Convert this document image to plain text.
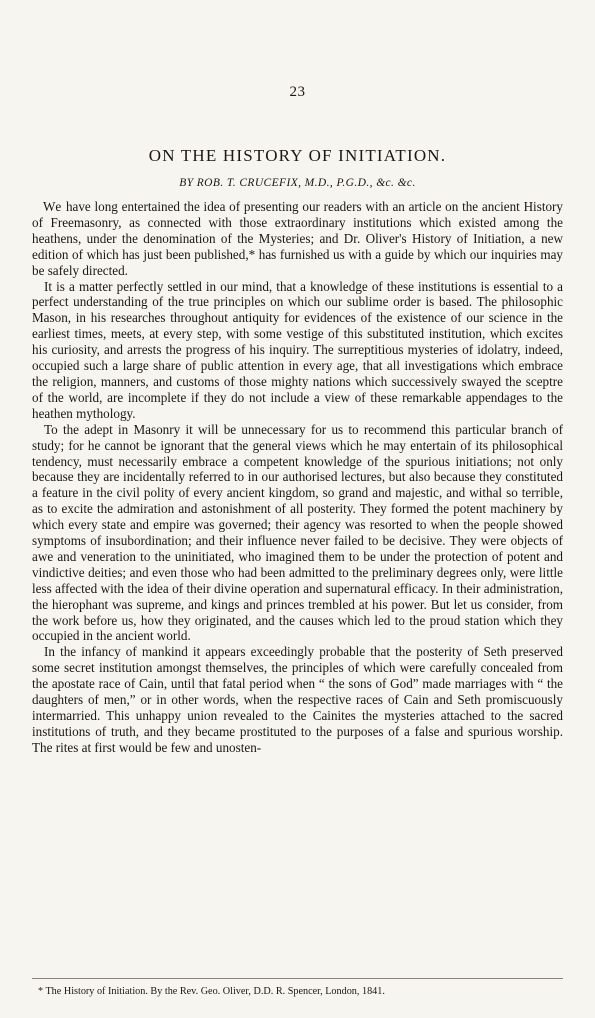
23
ON THE HISTORY OF INITIATION.
BY ROB. T. CRUCEFIX, M.D., P.G.D., &c. &c.

We have long entertained the idea of presenting our readers with an article on the ancient History of Freemasonry, as connected with those extraordinary institutions which existed among the heathens, under the denomination of the Mysteries; and Dr. Oliver's History of Initiation, a new edition of which has just been published,* has furnished us with a guide by which our inquiries may be safely directed.

It is a matter perfectly settled in our mind, that a knowledge of these institutions is essential to a perfect understanding of the true principles on which our sublime order is based. The philosophic Mason, in his researches throughout antiquity for evidences of the existence of our science in the earliest times, meets, at every step, with some vestige of this substituted institution, which excites his curiosity, and arrests the progress of his inquiry. The surreptitious mysteries of idolatry, indeed, occupied such a large share of public attention in every age, that all investigations which embrace the religion, manners, and customs of those mighty nations which successively swayed the sceptre of the world, are incomplete if they do not include a view of these remarkable appendages to the heathen mythology.

To the adept in Masonry it will be unnecessary for us to recommend this particular branch of study; for he cannot be ignorant that the general views which he may entertain of its philosophical tendency, must necessarily embrace a competent knowledge of the spurious initiations; not only because they are incidentally referred to in our authorised lectures, but also because they constituted a feature in the civil polity of every ancient kingdom, so grand and majestic, and withal so terrible, as to excite the admiration and astonishment of all posterity. They formed the potent machinery by which every state and empire was governed; their agency was resorted to when the people showed symptoms of insubordination; and their influence never failed to be decisive. They were objects of awe and veneration to the uninitiated, who imagined them to be under the protection of potent and vindictive deities; and even those who had been admitted to the preliminary degrees only, were little less affected with the idea of their divine operation and supernatural efficacy. In their administration, the hierophant was supreme, and kings and princes trembled at his power. But let us consider, from the work before us, how they originated, and the causes which led to the proud station which they occupied in the ancient world.

In the infancy of mankind it appears exceedingly probable that the posterity of Seth preserved some secret institution amongst themselves, the principles of which were carefully concealed from the apostate race of Cain, until that fatal period when “ the sons of God” made marriages with “ the daughters of men,” or in other words, when the respective races of Cain and Seth promiscuously intermarried. This unhappy union revealed to the Cainites the mysteries attached to the sacred institutions of truth, and they became prostituted to the purposes of a false and spurious worship. The rites at first would be few and unosten-

* The History of Initiation. By the Rev. Geo. Oliver, D.D. R. Spencer, London, 1841.
